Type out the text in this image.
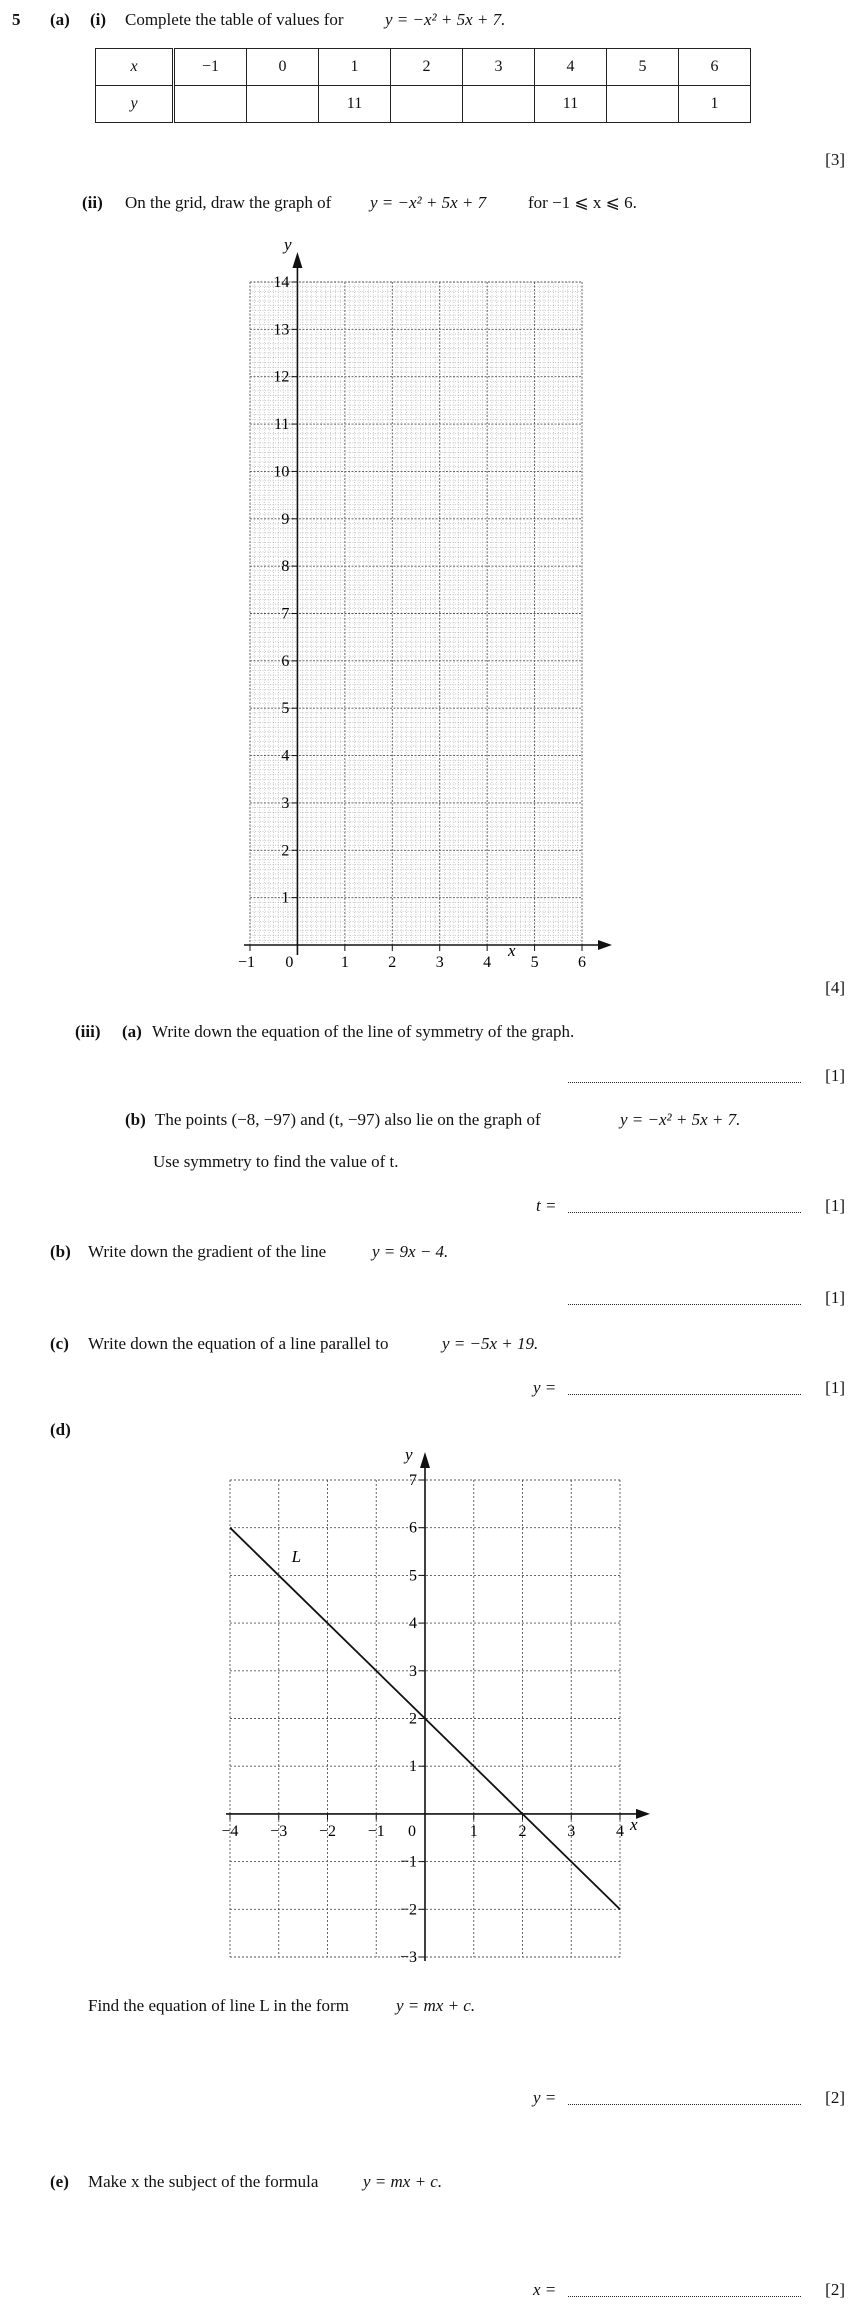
5 (a) (i) Complete the table of values for y = −x² + 5x + 7.
x	−1	0	1	2	3	4	5	6
y			11			11		1
[3]
(ii) On the grid, draw the graph of y = −x² + 5x + 7 for −1 ⩽ x ⩽ 6.
−1 0	1 2 3 4 5 6
1
2
3
4
5
6
7
8
9
10
11
12
13
14
x
y
[4]
(iii) (a) Write down the equation of the line of symmetry of the graph.
[1]
(b) The points (−8, −97) and (t, −97) also lie on the graph of	y = −x² + 5x + 7.
Use symmetry to find the value of t.
t =	[1]
(b) Write down the gradient of the line	y = 9x − 4.
[1]
(c) Write down the equation of a line parallel to	y = −5x + 19.
y =	[1]
(d)
−4 −3 −2 −1 0	1	2	3	4
−3
−2
−1
1
2
3
4
5
6
7
L
x
y
Find the equation of line L in the form	y = mx + c.
y =	[2]
(e) Make x the subject of the formula	y = mx + c.
x =	[2]
